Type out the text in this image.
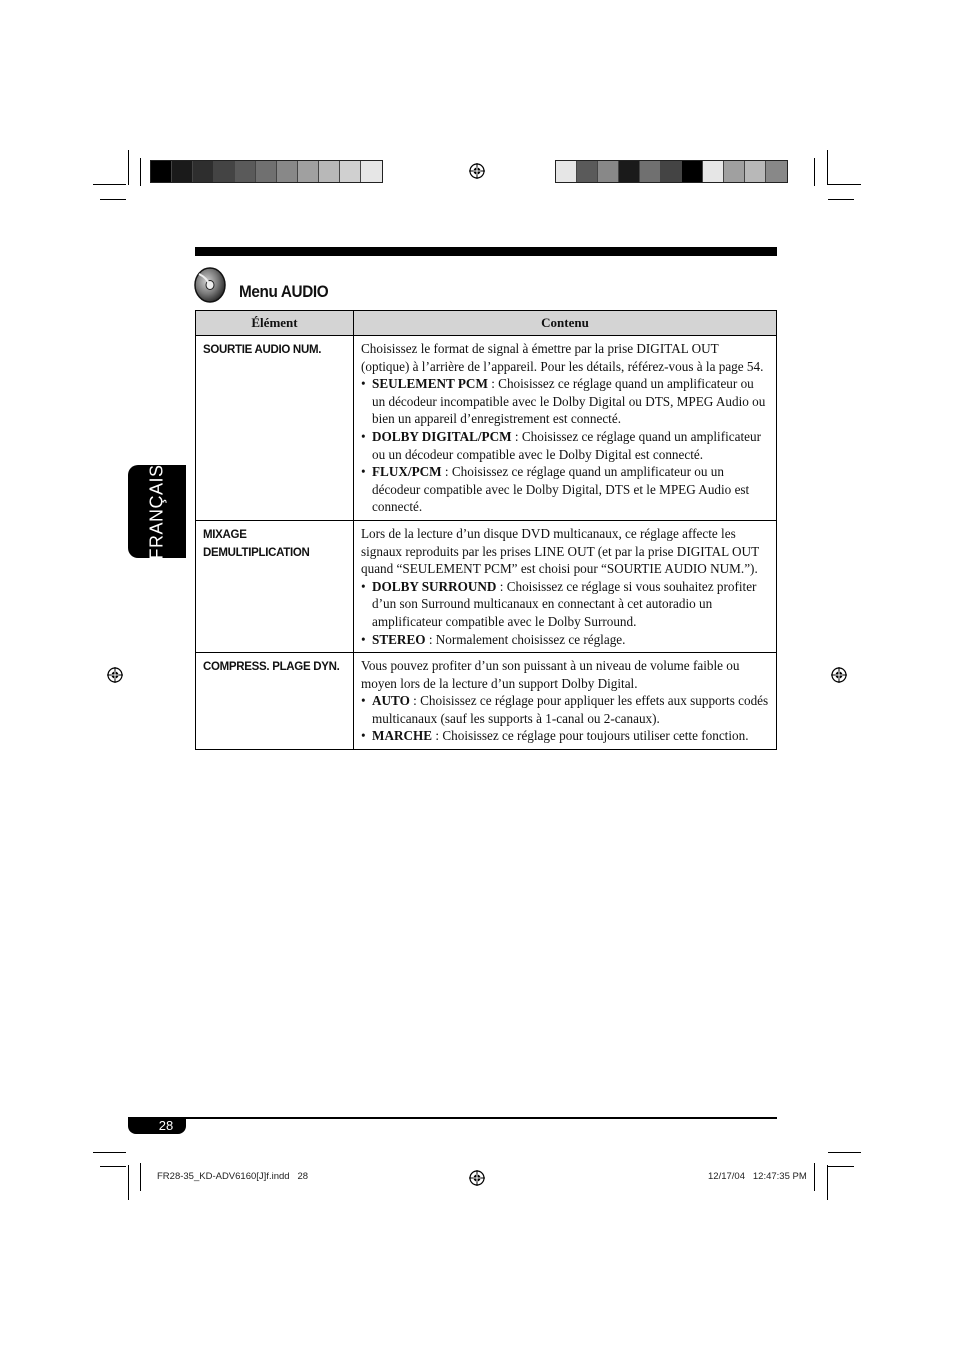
Menu AUDIO
FRANÇAIS
Élément	Contenu
SOURTIE AUDIO NUM.	Choisissez le format de signal à émettre par la prise DIGITAL OUT (optique) à l’arrière de l’appareil. Pour les détails, référez-vous à la page 54.
• SEULEMENT PCM : Choisissez ce réglage quand un amplificateur ou un décodeur incompatible avec le Dolby Digital ou DTS, MPEG Audio ou bien un appareil d’enregistrement est connecté.
• DOLBY DIGITAL/PCM : Choisissez ce réglage quand un amplificateur ou un décodeur compatible avec le Dolby Digital est connecté.
• FLUX/PCM : Choisissez ce réglage quand un amplificateur ou un décodeur compatible avec le Dolby Digital, DTS et le MPEG Audio est connecté.

MIXAGE DEMULTIPLICATION	Lors de la lecture d’un disque DVD multicanaux, ce réglage affecte les signaux reproduits par les prises LINE OUT (et par la prise DIGITAL OUT quand “SEULEMENT PCM” est choisi pour “SOURTIE AUDIO NUM.”).
• DOLBY SURROUND : Choisissez ce réglage si vous souhaitez profiter d’un son Surround multicanaux en connectant à cet autoradio un amplificateur compatible avec le Dolby Surround.
• STEREO : Normalement choisissez ce réglage.

COMPRESS. PLAGE DYN.	Vous pouvez profiter d’un son puissant à un niveau de volume faible ou moyen lors de la lecture d’un support Dolby Digital.
• AUTO : Choisissez ce réglage pour appliquer les effets aux supports codés multicanaux (sauf les supports à 1-canal ou 2-canaux).
• MARCHE : Choisissez ce réglage pour toujours utiliser cette fonction.
28
FR28-35_KD-ADV6160[J]f.indd   28	12/17/04   12:47:35 PM
